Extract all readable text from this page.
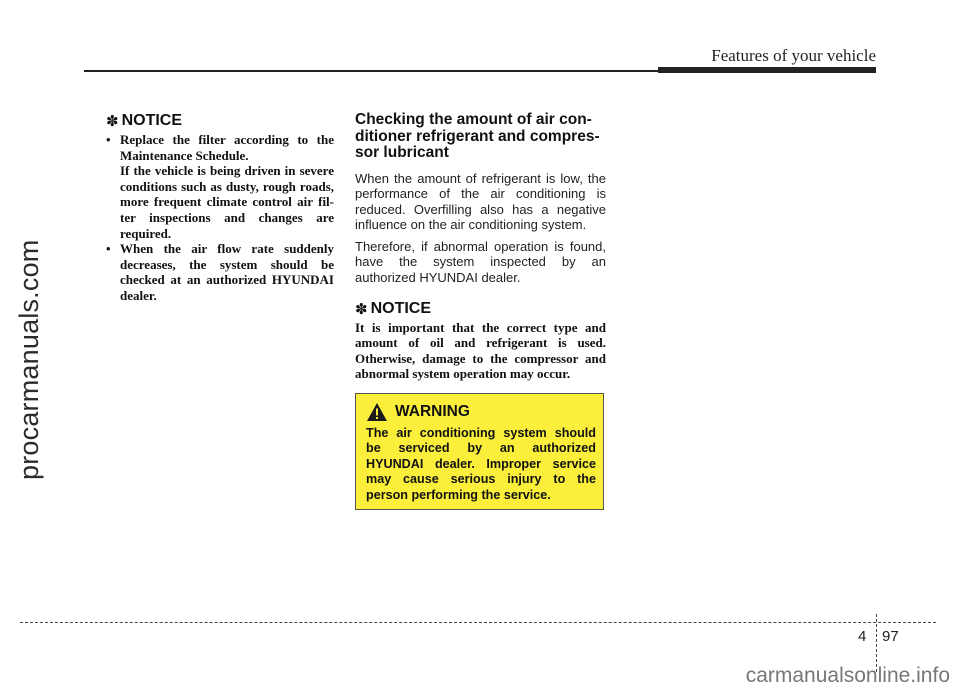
Features of your vehicle
procarmanuals.com
✽ NOTICE
• Replace the filter according to the Maintenance Schedule.

If the vehicle is being driven in severe conditions such as dusty, rough roads, more frequent climate control air fil-ter inspections and changes are required.

• When the air flow rate suddenly decreases, the system should be checked at an authorized HYUNDAI dealer.

Checking the amount of air con-ditioner refrigerant and compres-sor lubricant

When the amount of refrigerant is low, the performance of the air conditioning is reduced. Overfilling also has a negative influence on the air conditioning system.

Therefore, if abnormal operation is found, have the system inspected by an authorized HYUNDAI dealer.

✽ NOTICE

It is important that the correct type and amount of oil and refrigerant is used. Otherwise, damage to the compressor and abnormal system operation may occur.

WARNING

The air conditioning system should be serviced by an authorized HYUNDAI dealer. Improper service may cause serious injury to the person performing the service.

4 97
carmanualsonline.info
